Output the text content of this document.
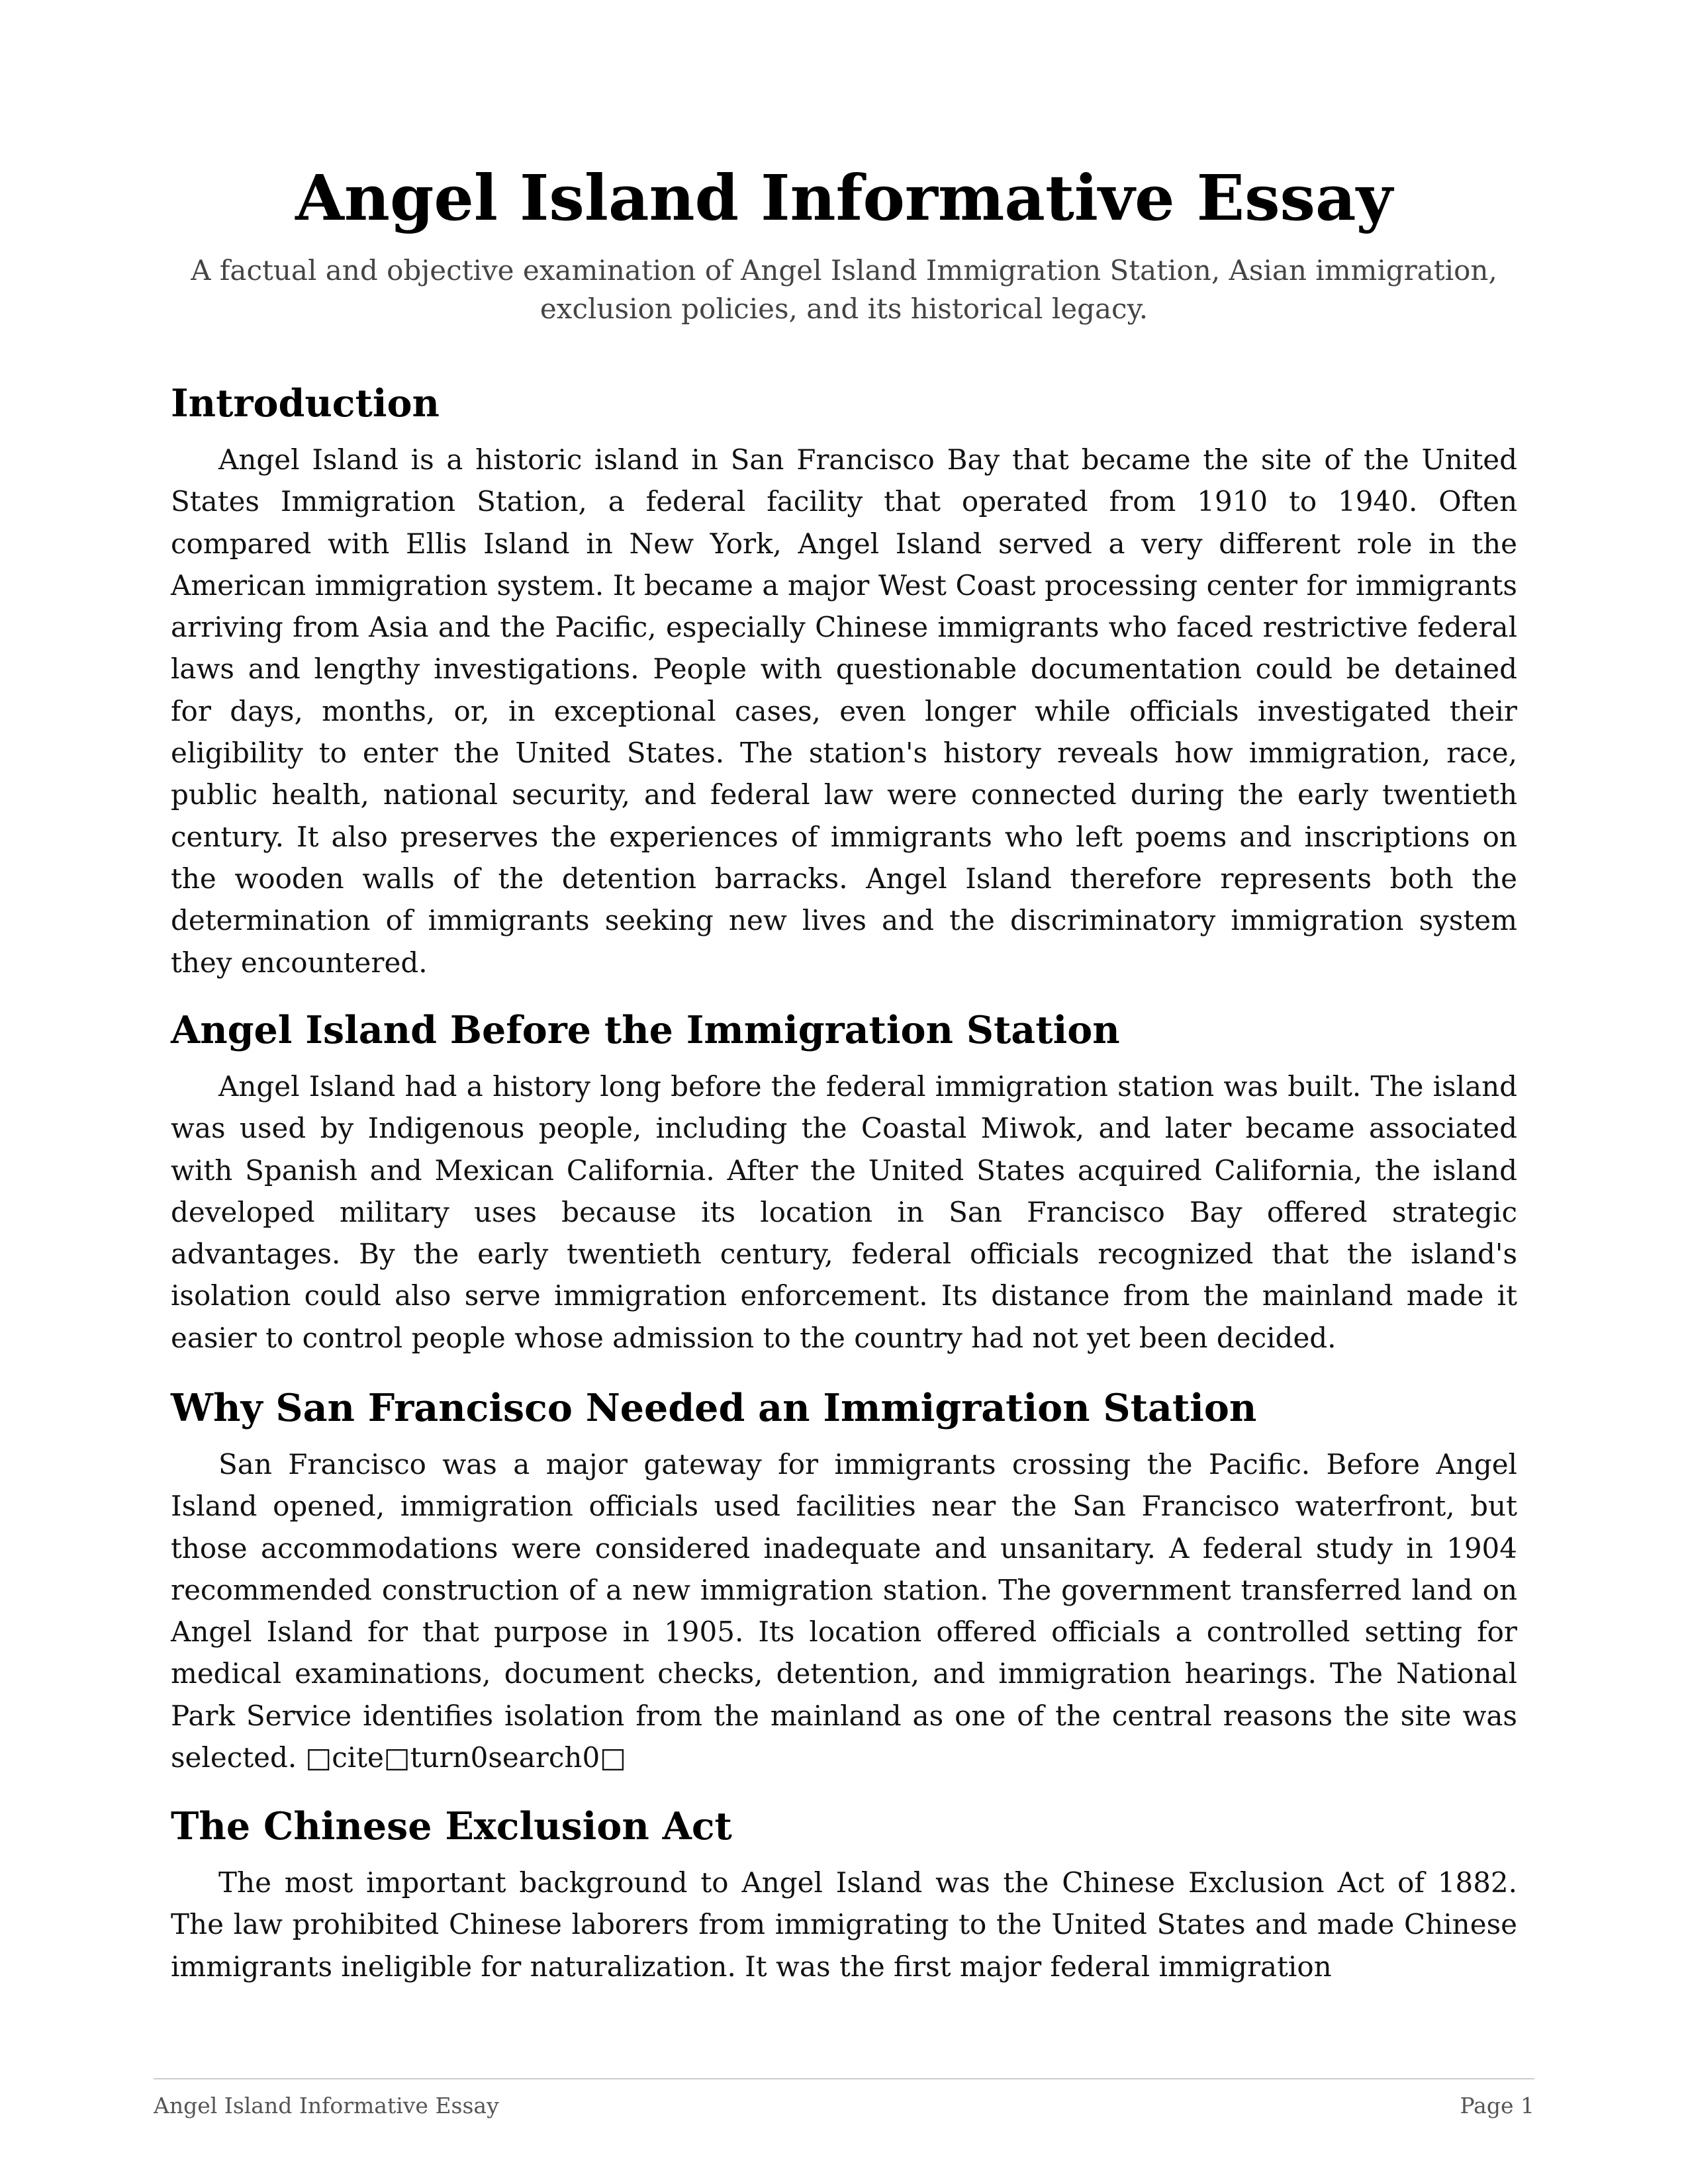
Angel Island Informative Essay

A factual and objective examination of Angel Island Immigration Station, Asian immigration, exclusion policies, and its historical legacy.

Introduction

Angel Island is a historic island in San Francisco Bay that became the site of the United States Immigration Station, a federal facility that operated from 1910 to 1940. Often compared with Ellis Island in New York, Angel Island served a very different role in the American immigration system. It became a major West Coast processing center for immigrants arriving from Asia and the Pacific, especially Chinese immigrants who faced restrictive federal laws and lengthy investigations. People with questionable documentation could be detained for days, months, or, in exceptional cases, even longer while officials investigated their eligibility to enter the United States. The station's history reveals how immigration, race, public health, national security, and federal law were connected during the early twentieth century. It also preserves the experiences of immigrants who left poems and inscriptions on the wooden walls of the detention barracks. Angel Island therefore represents both the determination of immigrants seeking new lives and the discriminatory immigration system they encountered.

Angel Island Before the Immigration Station

Angel Island had a history long before the federal immigration station was built. The island was used by Indigenous people, including the Coastal Miwok, and later became associated with Spanish and Mexican California. After the United States acquired California, the island developed military uses because its location in San Francisco Bay offered strategic advantages. By the early twentieth century, federal officials recognized that the island's isolation could also serve immigration enforcement. Its distance from the mainland made it easier to control people whose admission to the country had not yet been decided.

Why San Francisco Needed an Immigration Station

San Francisco was a major gateway for immigrants crossing the Pacific. Before Angel Island opened, immigration officials used facilities near the San Francisco waterfront, but those accommodations were considered inadequate and unsanitary. A federal study in 1904 recommended construction of a new immigration station. The government transferred land on Angel Island for that purpose in 1905. Its location offered officials a controlled setting for medical examinations, document checks, detention, and immigration hearings. The National Park Service identifies isolation from the mainland as one of the central reasons the site was selected. □cite□turn0search0□

The Chinese Exclusion Act

The most important background to Angel Island was the Chinese Exclusion Act of 1882. The law prohibited Chinese laborers from immigrating to the United States and made Chinese immigrants ineligible for naturalization. It was the first major federal immigration

Angel Island Informative Essay	Page 1
